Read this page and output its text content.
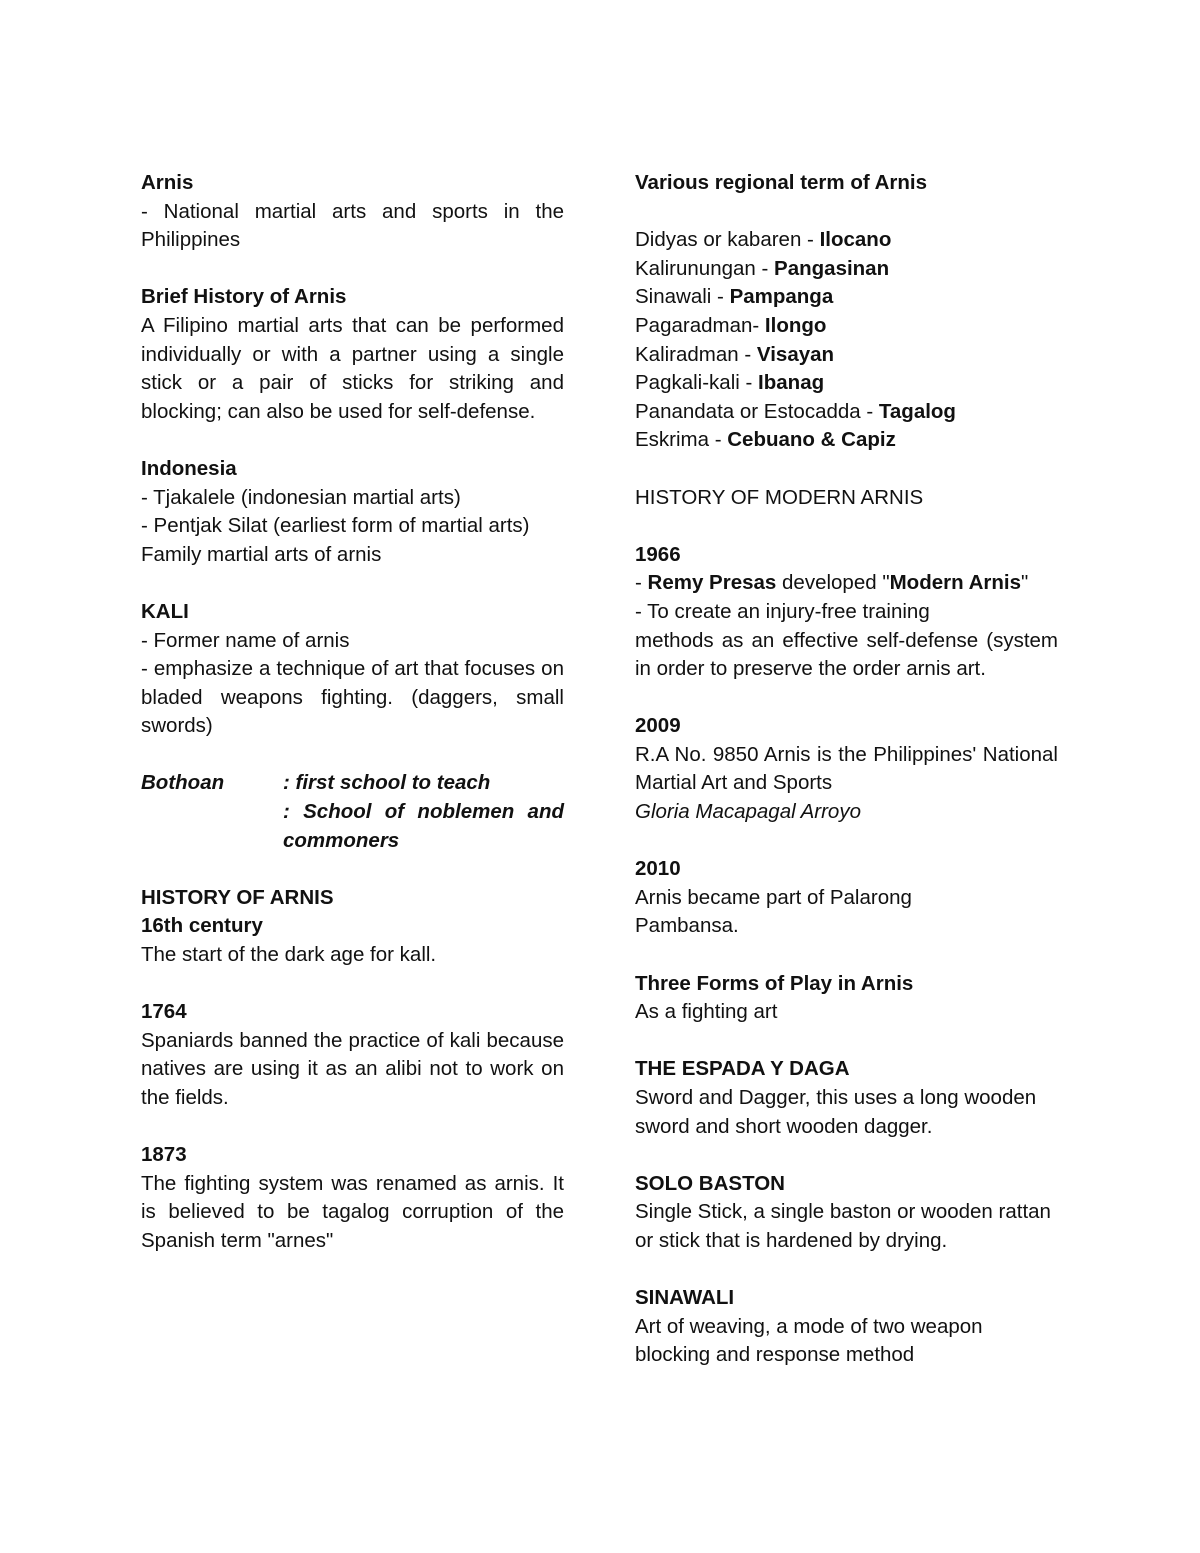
Arnis

- National martial arts and sports in the

Philippines

Brief History of Arnis

A Filipino martial arts that can be performed individually or with a partner using a single stick or a pair of sticks for striking and blocking; can also be used for self-defense.

Indonesia

- Tjakalele (indonesian martial arts)

- Pentjak Silat (earliest form of martial arts)

Family martial arts of arnis

KALI

- Former name of arnis

- emphasize a technique of art that focuses on bladed weapons fighting. (daggers, small swords)

Bothoan	: first school to teach

: School of noblemen and commoners

HISTORY OF ARNIS

16th century

The start of the dark age for kall.

1764

Spaniards banned the practice of kali because natives are using it as an alibi not to work on the fields.

1873

The fighting system was renamed as arnis. It is believed to be tagalog corruption of the Spanish term "arnes"

Various regional term of Arnis

Didyas or kabaren - Ilocano

Kalirunungan - Pangasinan

Sinawali - Pampanga

Pagaradman- Ilongo

Kaliradman - Visayan

Pagkali-kali - Ibanag

Panandata or Estocadda - Tagalog

Eskrima - Cebuano & Capiz

HISTORY OF MODERN ARNIS

1966

- Remy Presas developed "Modern Arnis"

- To create an injury-free training

methods as an effective self-defense (system in order to preserve the order arnis art.

2009

R.A No. 9850 Arnis is the Philippines' National Martial Art and Sports

Gloria Macapagal Arroyo

2010

Arnis became part of Palarong

Pambansa.

Three Forms of Play in Arnis

As a fighting art

THE ESPADA Y DAGA

Sword and Dagger, this uses a long wooden sword and short wooden dagger.

SOLO BASTON

Single Stick, a single baston or wooden rattan or stick that is hardened by drying.

SINAWALI

Art of weaving, a mode of two weapon blocking and response method
